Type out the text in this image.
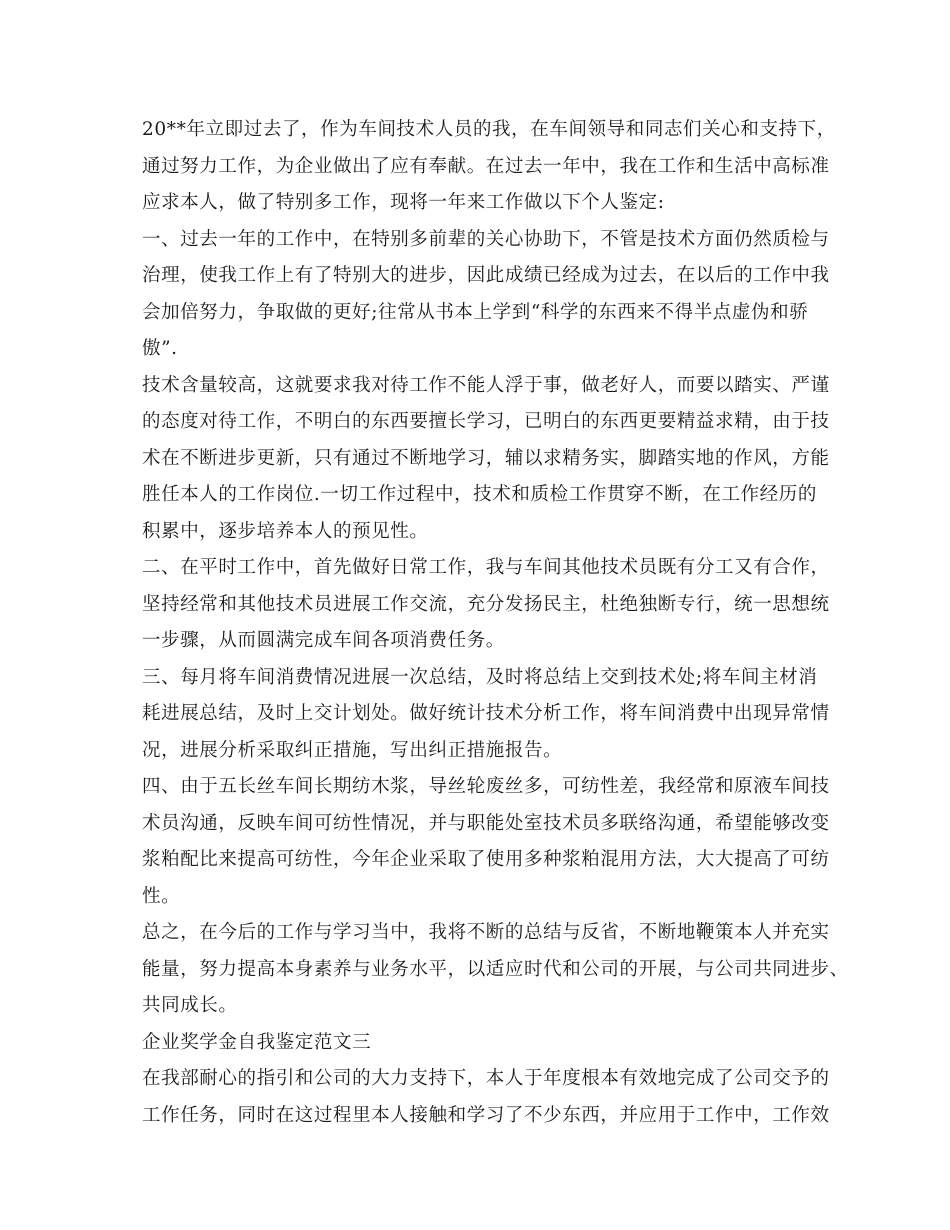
20**年立即过去了，作为车间技术人员的我，在车间领导和同志们关心和支持下，
通过努力工作，为企业做出了应有奉献。在过去一年中，我在工作和生活中高标准
应求本人，做了特别多工作，现将一年来工作做以下个人鉴定:
一、过去一年的工作中，在特别多前辈的关心协助下，不管是技术方面仍然质检与
治理，使我工作上有了特别大的进步，因此成绩已经成为过去，在以后的工作中我
会加倍努力，争取做的更好;往常从书本上学到“科学的东西来不得半点虚伪和骄
傲”.
技术含量较高，这就要求我对待工作不能人浮于事，做老好人，而要以踏实、严谨
的态度对待工作，不明白的东西要擅长学习，已明白的东西更要精益求精，由于技
术在不断进步更新，只有通过不断地学习，辅以求精务实，脚踏实地的作风，方能
胜任本人的工作岗位.一切工作过程中，技术和质检工作贯穿不断，在工作经历的
积累中，逐步培养本人的预见性。
二、在平时工作中，首先做好日常工作，我与车间其他技术员既有分工又有合作，
坚持经常和其他技术员进展工作交流，充分发扬民主，杜绝独断专行，统一思想统
一步骤，从而圆满完成车间各项消费任务。
三、每月将车间消费情况进展一次总结，及时将总结上交到技术处;将车间主材消
耗进展总结，及时上交计划处。做好统计技术分析工作，将车间消费中出现异常情
况，进展分析采取纠正措施，写出纠正措施报告。
四、由于五长丝车间长期纺木浆，导丝轮废丝多，可纺性差，我经常和原液车间技
术员沟通，反映车间可纺性情况，并与职能处室技术员多联络沟通，希望能够改变
浆粕配比来提高可纺性，今年企业采取了使用多种浆粕混用方法，大大提高了可纺
性。
总之，在今后的工作与学习当中，我将不断的总结与反省，不断地鞭策本人并充实
能量，努力提高本身素养与业务水平，以适应时代和公司的开展，与公司共同进步、
共同成长。
企业奖学金自我鉴定范文三
在我部耐心的指引和公司的大力支持下，本人于年度根本有效地完成了公司交予的
工作任务，同时在这过程里本人接触和学习了不少东西，并应用于工作中，工作效
